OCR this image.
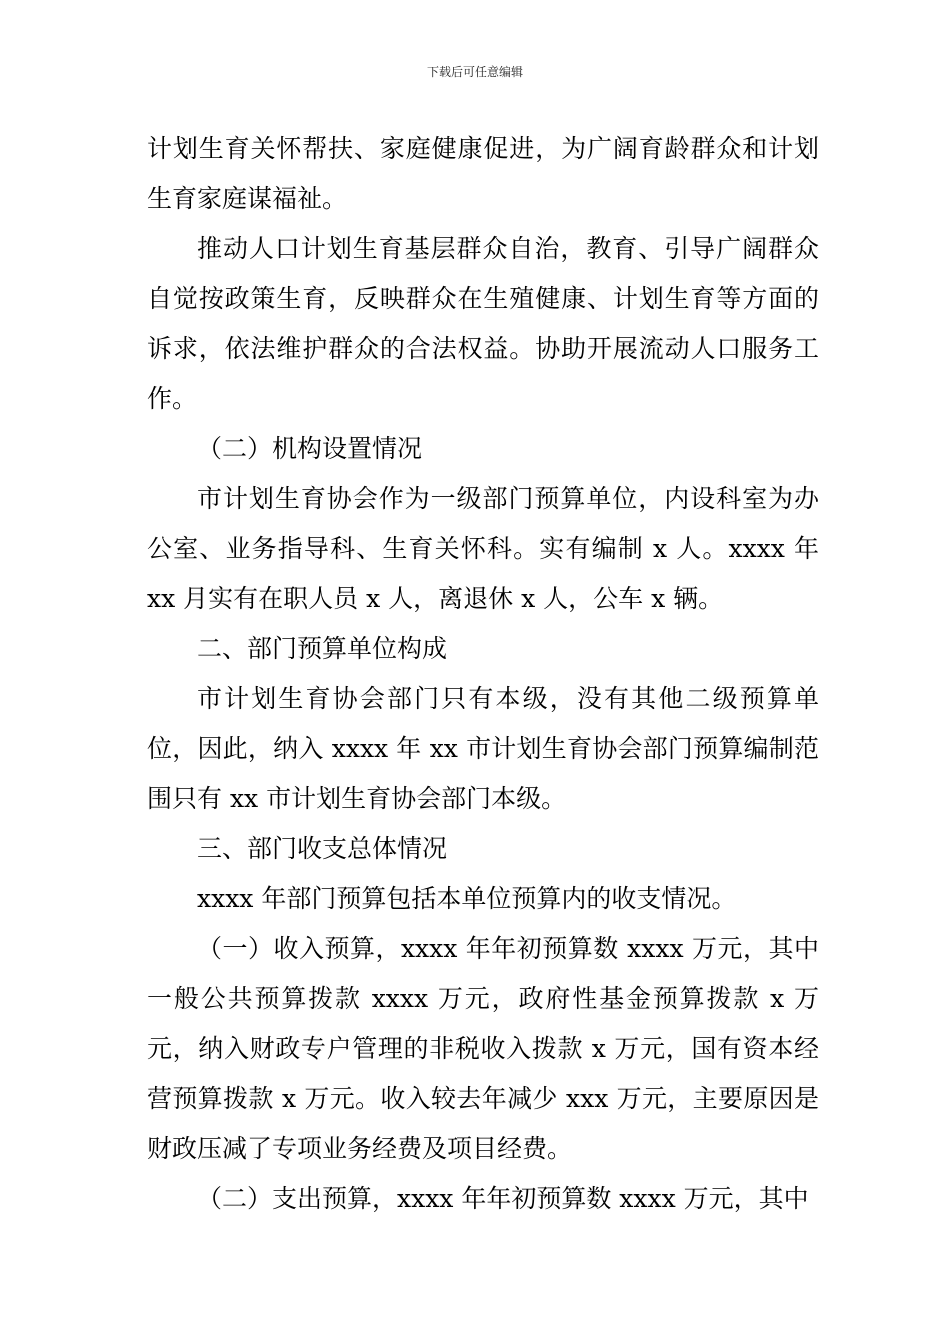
下载后可任意编辑

计划生育关怀帮扶、家庭健康促进，为广阔育龄群众和计划生育家庭谋福祉。

推动人口计划生育基层群众自治，教育、引导广阔群众自觉按政策生育，反映群众在生殖健康、计划生育等方面的诉求，依法维护群众的合法权益。协助开展流动人口服务工作。

（二）机构设置情况

市计划生育协会作为一级部门预算单位，内设科室为办公室、业务指导科、生育关怀科。实有编制 x 人。xxxx 年 xx 月实有在职人员 x 人，离退休 x 人，公车 x 辆。

二、部门预算单位构成

市计划生育协会部门只有本级，没有其他二级预算单位，因此，纳入 xxxx 年 xx 市计划生育协会部门预算编制范围只有 xx 市计划生育协会部门本级。

三、部门收支总体情况

xxxx 年部门预算包括本单位预算内的收支情况。

（一）收入预算，xxxx 年年初预算数 xxxx 万元，其中一般公共预算拨款 xxxx 万元，政府性基金预算拨款 x 万元，纳入财政专户管理的非税收入拨款 x 万元，国有资本经营预算拨款 x 万元。收入较去年减少 xxx 万元，主要原因是财政压减了专项业务经费及项目经费。

（二）支出预算，xxxx 年年初预算数 xxxx 万元，其中
